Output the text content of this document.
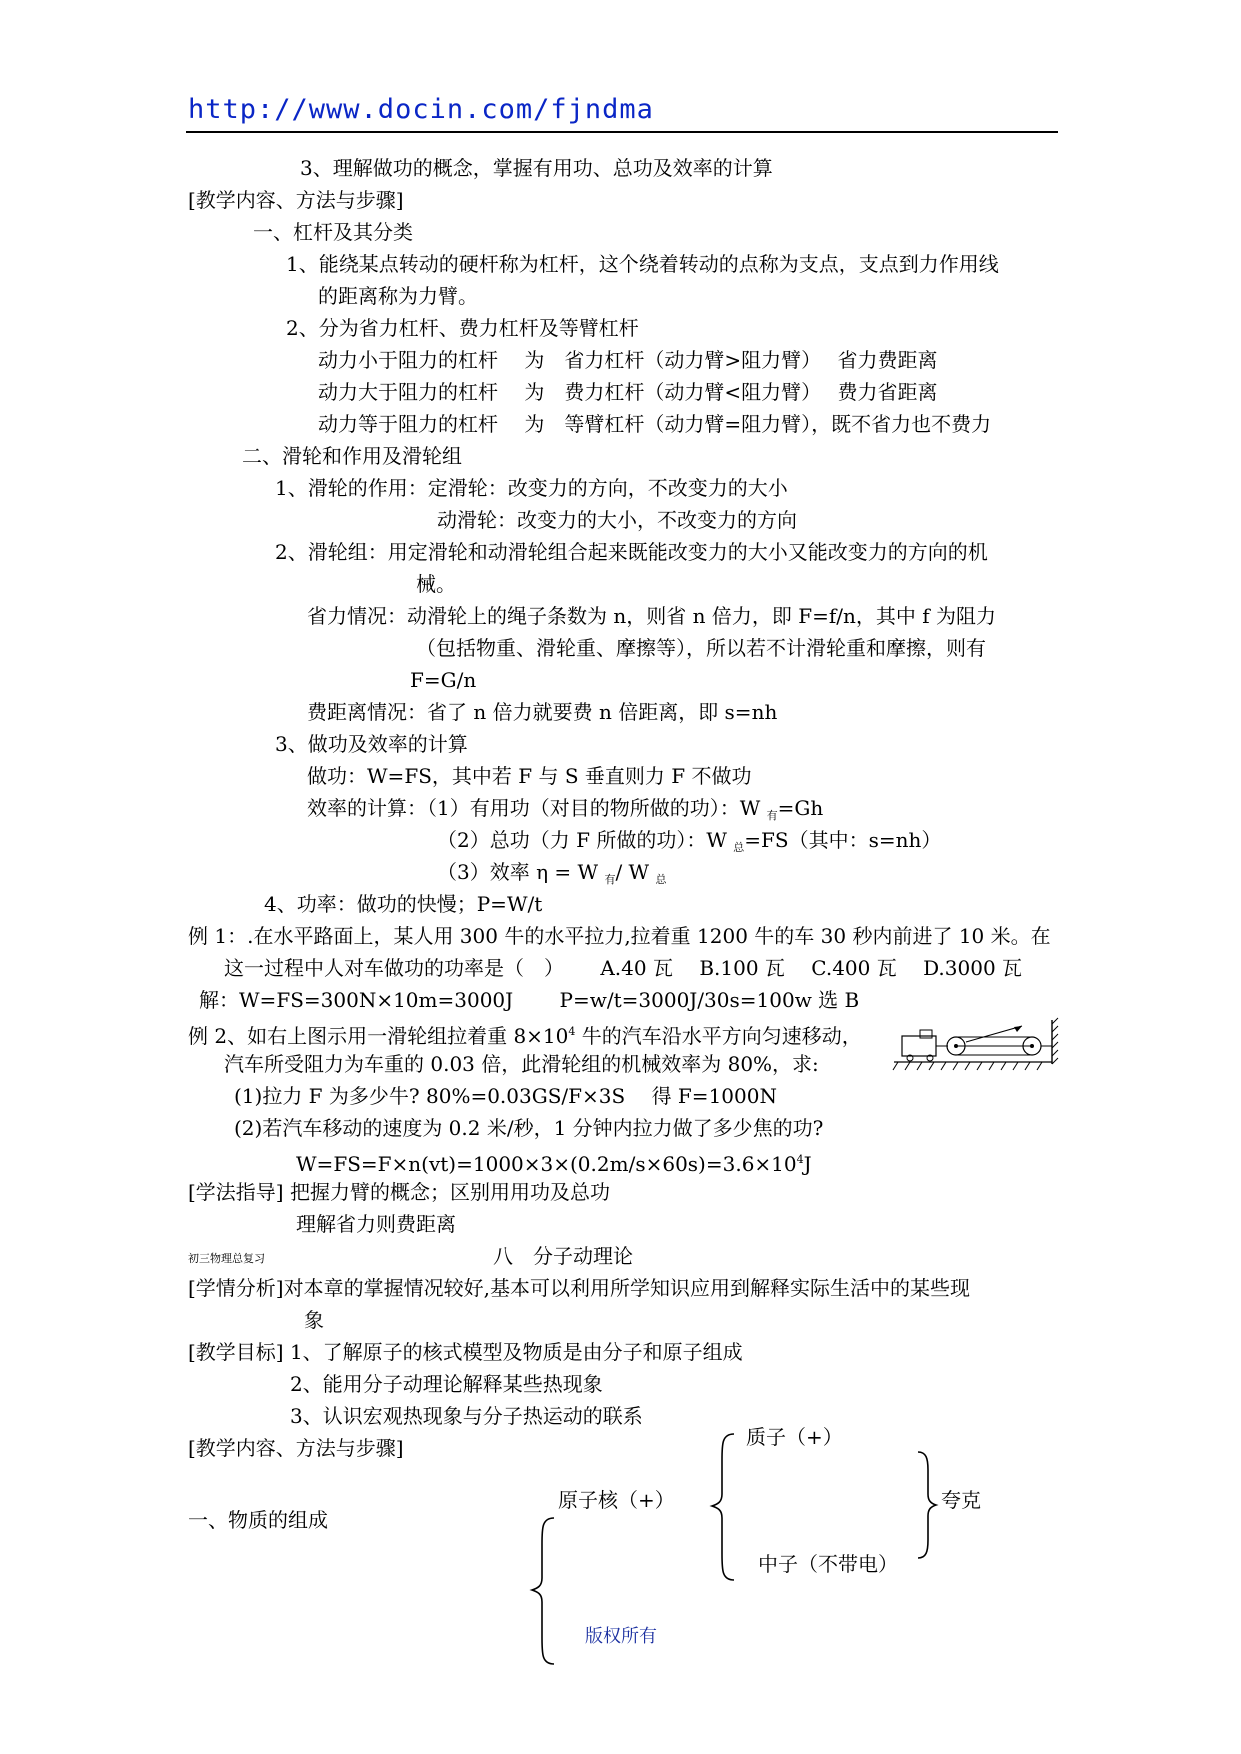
http://www.docin.com/fjndma
3、理解做功的概念，掌握有用功、总功及效率的计算
[教学内容、方法与步骤]
一、杠杆及其分类
1、能绕某点转动的硬杆称为杠杆，这个绕着转动的点称为支点，支点到力作用线
的距离称为力臂。
2、分为省力杠杆、费力杠杆及等臂杠杆
动力小于阻力的杠杆　 为　省力杠杆（动力臂>阻力臂）　 省力费距离
动力大于阻力的杠杆　 为　费力杠杆（动力臂<阻力臂）　 费力省距离
动力等于阻力的杠杆　 为　等臂杠杆（动力臂=阻力臂），既不省力也不费力
二、滑轮和作用及滑轮组
1、滑轮的作用：定滑轮：改变力的方向，不改变力的大小
动滑轮：改变力的大小，不改变力的方向
2、滑轮组：用定滑轮和动滑轮组合起来既能改变力的大小又能改变力的方向的机
械。
省力情况：动滑轮上的绳子条数为 n，则省 n 倍力，即 F=f/n，其中 f 为阻力
（包括物重、滑轮重、摩擦等），所以若不计滑轮重和摩擦，则有
F=G/n
费距离情况：省了 n 倍力就要费 n 倍距离，即 s=nh
3、做功及效率的计算
做功：W=FS，其中若 F 与 S 垂直则力 F 不做功
效率的计算：（1）有用功（对目的物所做的功）：W $_有$=Gh
（2）总功（力 F 所做的功）：W $_总$=FS（其中：s=nh）
（3）效率 η = W $_有$/ W $_总$
4、功率：做功的快慢；P=W/t
例 1：.在水平路面上，某人用 300 牛的水平拉力,拉着重 1200 牛的车 30 秒内前进了 10 米。在
这一过程中人对车做功的功率是（　）　　 A.40 瓦　 B.100 瓦　 C.400 瓦　 D.3000 瓦
解：W=FS=300N×10m=3000J　　 P=w/t=3000J/30s=100w 选 B
例 2、如右上图示用一滑轮组拉着重 $8\times 10^4$ 牛的汽车沿水平方向匀速移动，
汽车所受阻力为车重的 0.03 倍，此滑轮组的机械效率为 80%，求:
(1)拉力 F 为多少牛? 80%=0.03GS/F×3S　 得 F=1000N
(2)若汽车移动的速度为 0.2 米/秒，1 分钟内拉力做了多少焦的功?
$W=FS=F\times n(vt)=1000\times 3\times(0.2m/s\times 60s)=3.6\times 10^4J$
[学法指导] 把握力臂的概念；区别用用功及总功
理解省力则费距离
初三物理总复习	八　分子动理论
[学情分析]对本章的掌握情况较好,基本可以利用所学知识应用到解释实际生活中的某些现
象
[教学目标] 1、了解原子的核式模型及物质是由分子和原子组成
2、能用分子动理论解释某些热现象
3、认识宏观热现象与分子热运动的联系
[教学内容、方法与步骤]
一、物质的组成
质子（+）
原子核（+）	夸克
中子（不带电）
版权所有
